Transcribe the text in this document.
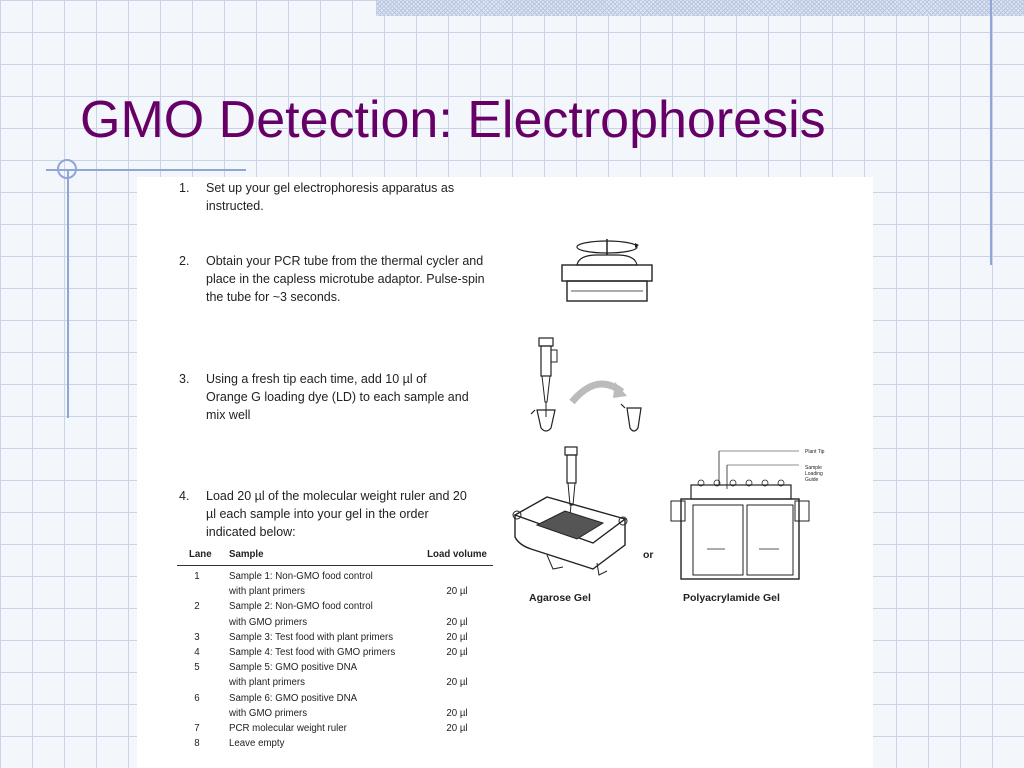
GMO Detection: Electrophoresis
1. Set up your gel electrophoresis apparatus as instructed.
2. Obtain your PCR tube from the thermal cycler and place in the capless microtube adaptor. Pulse-spin the tube for ~3 seconds.
3. Using a fresh tip each time, add 10 µl of Orange G loading dye (LD) to each sample and mix well
4. Load 20 µl of the molecular weight ruler and 20 µl each sample into your gel in the order indicated below:
Lane	Sample	Load volume
1	Sample 1: Non-GMO food control
with plant primers	20 µl
2	Sample 2: Non-GMO food control
with GMO primers	20 µl
3	Sample 3: Test food with plant primers	20 µl
4	Sample 4: Test food with GMO primers	20 µl
5	Sample 5: GMO positive DNA
with plant primers	20 µl
6	Sample 6: GMO positive DNA
with GMO primers	20 µl
7	PCR molecular weight ruler	20 µl
8	Leave empty
or
Plant Tip
Sample
Loading
Guide
Agarose Gel	Polyacrylamide Gel
